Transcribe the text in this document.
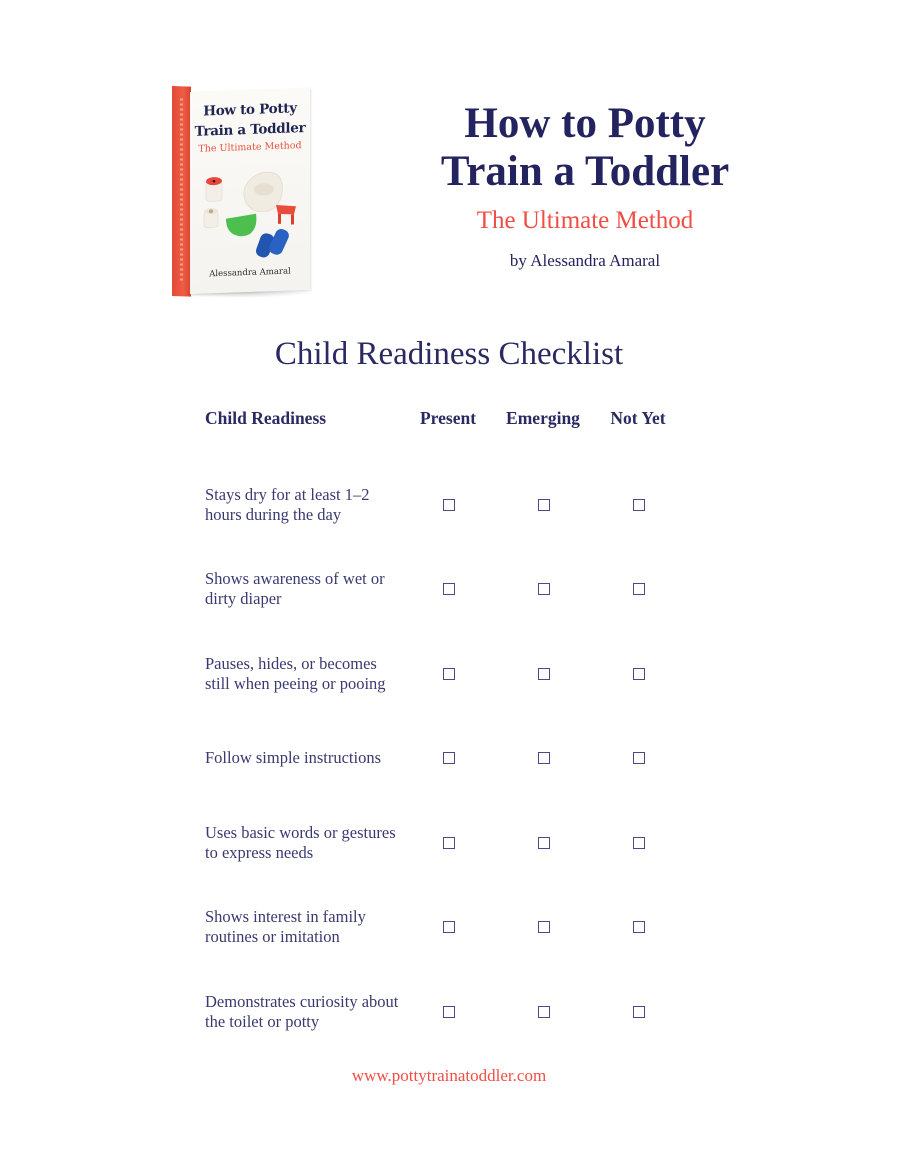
How to Potty
Train a Toddler
The Ultimate Method
Alessandra Amaral
How to Potty
Train a Toddler
The Ultimate Method
by Alessandra Amaral
Child Readiness Checklist
Child Readiness	Present Emerging Not Yet
Stays dry for at least 1–2 hours during the day
Shows awareness of wet or dirty diaper
Pauses, hides, or becomes still when peeing or pooing
Follow simple instructions
Uses basic words or gestures to express needs
Shows interest in family routines or imitation
Demonstrates curiosity about the toilet or potty
www.pottytrainatoddler.com
